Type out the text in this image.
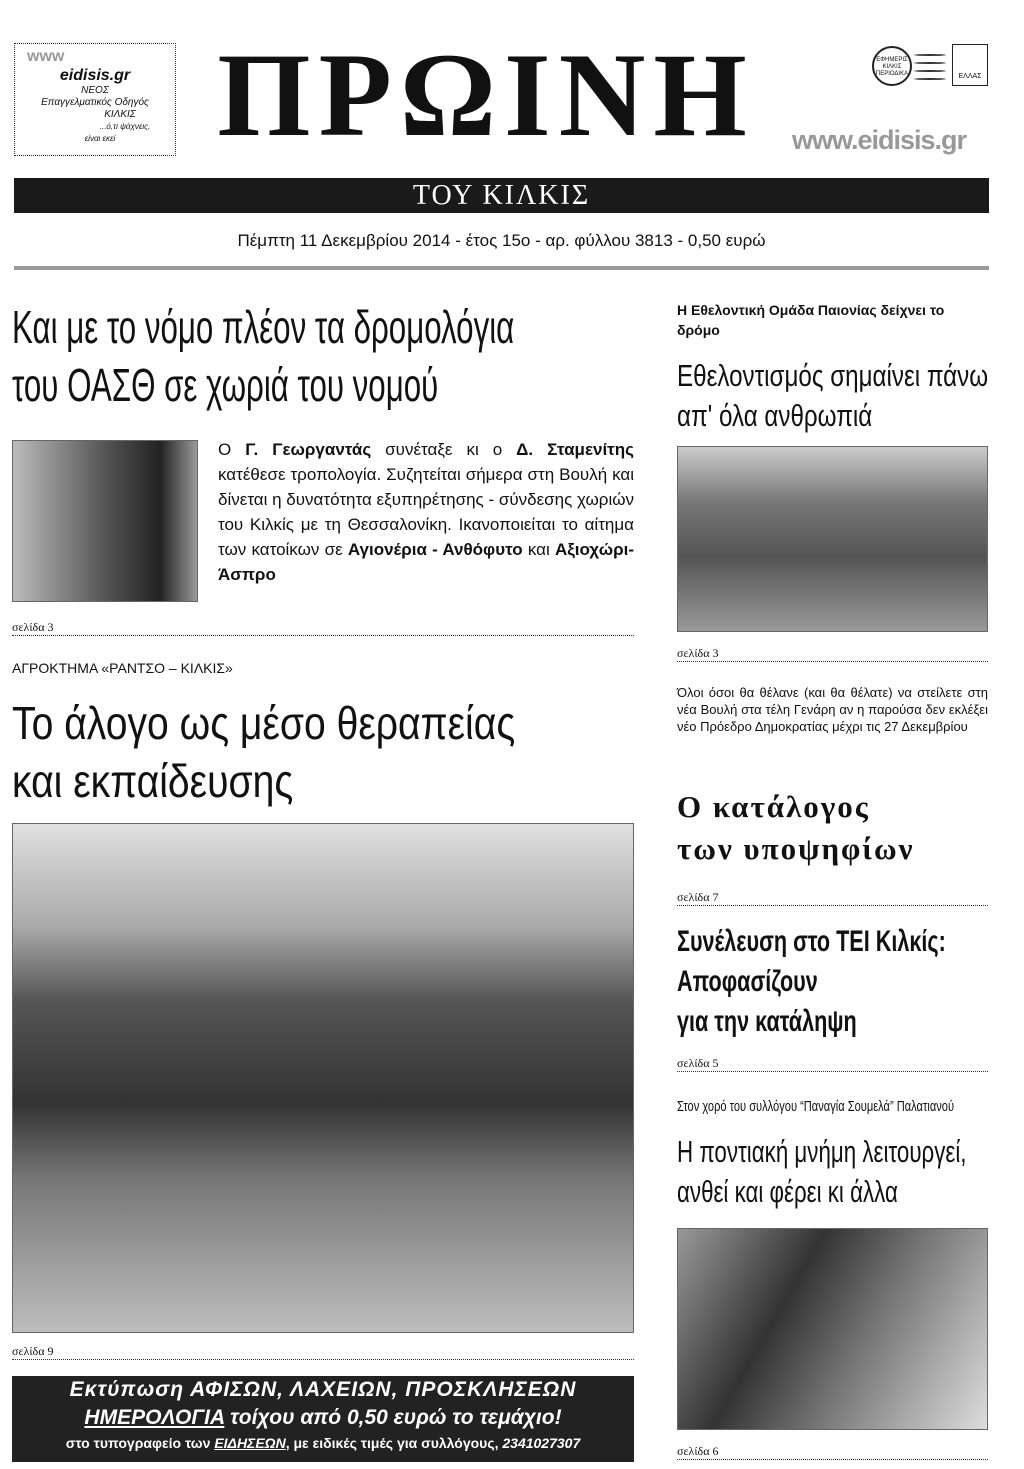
www
eidisis.gr
ΝΕΟΣ
Επαγγελματικός Οδηγός
ΚΙΛΚΙΣ
...ό,τι ψάχνεις,
είναι εκεί ΠΡΩΙΝΗ	www.eidisis.gr
ΕΦΗΜΕΡΙΣ ΚΙΛΚΙΣ ΠΕΡΙΟΔΙΚΑ	ΕΛΛΑΣ
ΤΟΥ ΚΙΛΚΙΣ
Πέμπτη 11 Δεκεμβρίου 2014 - έτος 15ο - αρ. φύλλου 3813 - 0,50 ευρώ
Και με το νόμο πλέον τα δρομολόγια
του ΟΑΣΘ σε χωριά του νομού
Ο Γ. Γεωργαντάς συνέταξε κι ο Δ. Σταμενίτης κατέθεσε τροπολογία. Συζητείται σήμερα στη Βουλή και δίνεται η δυνατότητα εξυπηρέτησης - σύνδεσης χωριών του Κιλκίς με τη Θεσσαλονίκη. Ικανοποιείται το αίτημα των κατοίκων σε Αγιονέρια - Ανθόφυτο και Αξιοχώρι-Άσπρο
σελίδα 3
ΑΓΡΟΚΤΗΜΑ «ΡΑΝΤΣΟ – ΚΙΛΚΙΣ»
Το άλογο ως μέσο θεραπείας
και εκπαίδευσης
σελίδα 9
Εκτύπωση ΑΦΙΣΩΝ, ΛΑΧΕΙΩΝ, ΠΡΟΣΚΛΗΣΕΩΝ
ΗΜΕΡΟΛΟΓΙΑ τοίχου από 0,50 ευρώ το τεμάχιο!
στο τυπογραφείο των ΕΙΔΗΣΕΩΝ, με ειδικές τιμές για συλλόγους, 2341027307
Η Εθελοντική Ομάδα Παιονίας δείχνει το δρόμο
Εθελοντισμός σημαίνει πάνω
απ' όλα ανθρωπιά
σελίδα 3
Όλοι όσοι θα θέλανε (και θα θέλατε) να στείλετε στη νέα Βουλή στα τέλη Γενάρη αν η παρούσα δεν εκλέξει νέο Πρόεδρο Δημοκρατίας μέχρι τις 27 Δεκεμβρίου
Ο κατάλογος
των υποψηφίων
σελίδα 7
Συνέλευση στο ΤΕΙ Κιλκίς:
Αποφασίζουν
για την κατάληψη
σελίδα 5
Στον χορό του συλλόγου “Παναγία Σουμελά” Παλατιανού
Η ποντιακή μνήμη λειτουργεί,
ανθεί και φέρει κι άλλα
σελίδα 6
